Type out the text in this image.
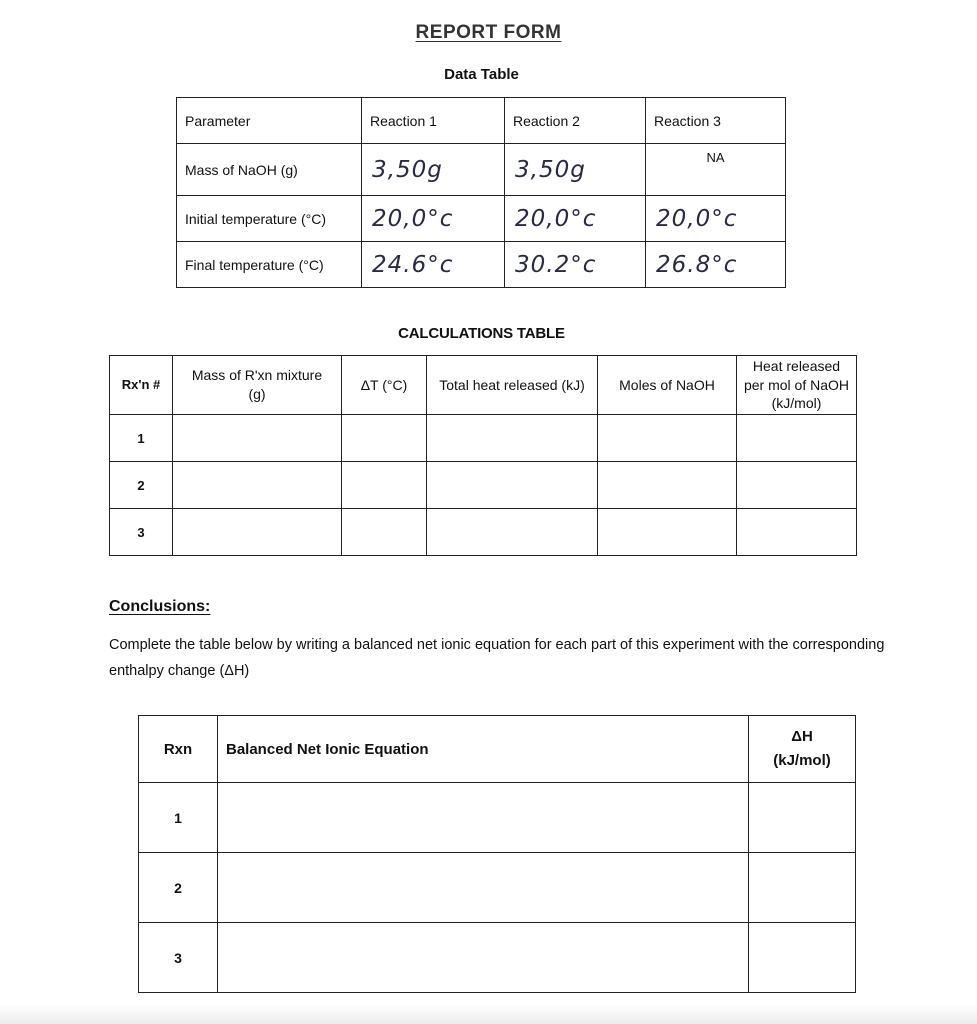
REPORT FORM
Data Table
Parameter	Reaction 1	Reaction 2	Reaction 3
Mass of NaOH (g)	3,50g	3,50g	NA
Initial temperature (°C)	20,0°c	20,0°c	20,0°c
Final temperature (°C)	24.6°c	30.2°c	26.8°c
CALCULATIONS TABLE
Rx'n #	Mass of R'xn mixture (g)	ΔT (°C)	Total heat released (kJ)	Moles of NaOH	Heat released per mol of NaOH (kJ/mol)
1					
2					
3					
Conclusions:
Complete the table below by writing a balanced net ionic equation for each part of this experiment with the corresponding enthalpy change (ΔH)
Rxn	Balanced Net Ionic Equation	ΔH
(kJ/mol)

1		
2		
3		
